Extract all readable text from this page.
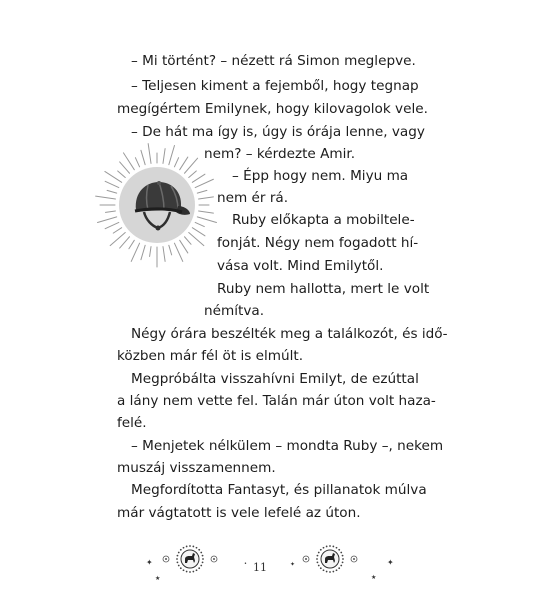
– Mi történt? – nézett rá Simon meglepve.
– Teljesen kiment a fejemből, hogy tegnap
megígértem Emilynek, hogy kilovagolok vele.
– De hát ma így is, úgy is órája lenne, vagy
nem? – kérdezte Amir.
– Épp hogy nem. Miyu ma
nem ér rá.
Ruby előkapta a mobiltele-
fonját. Négy nem fogadott hí-
vása volt. Mind Emilytől.
Ruby nem hallotta, mert le volt
némítva.
Négy órára beszélték meg a találkozót, és idő-
közben már fél öt is elmúlt.
Megpróbálta visszahívni Emilyt, de ezúttal
a lány nem vette fel. Talán már úton volt haza-
felé.
– Menjetek nélkülem – mondta Ruby –, nekem
muszáj visszamennem.
Megfordította Fantasyt, és pillanatok múlva
már vágtatott is vele lefelé az úton.
✦
★
•	✦
★
✦
11
